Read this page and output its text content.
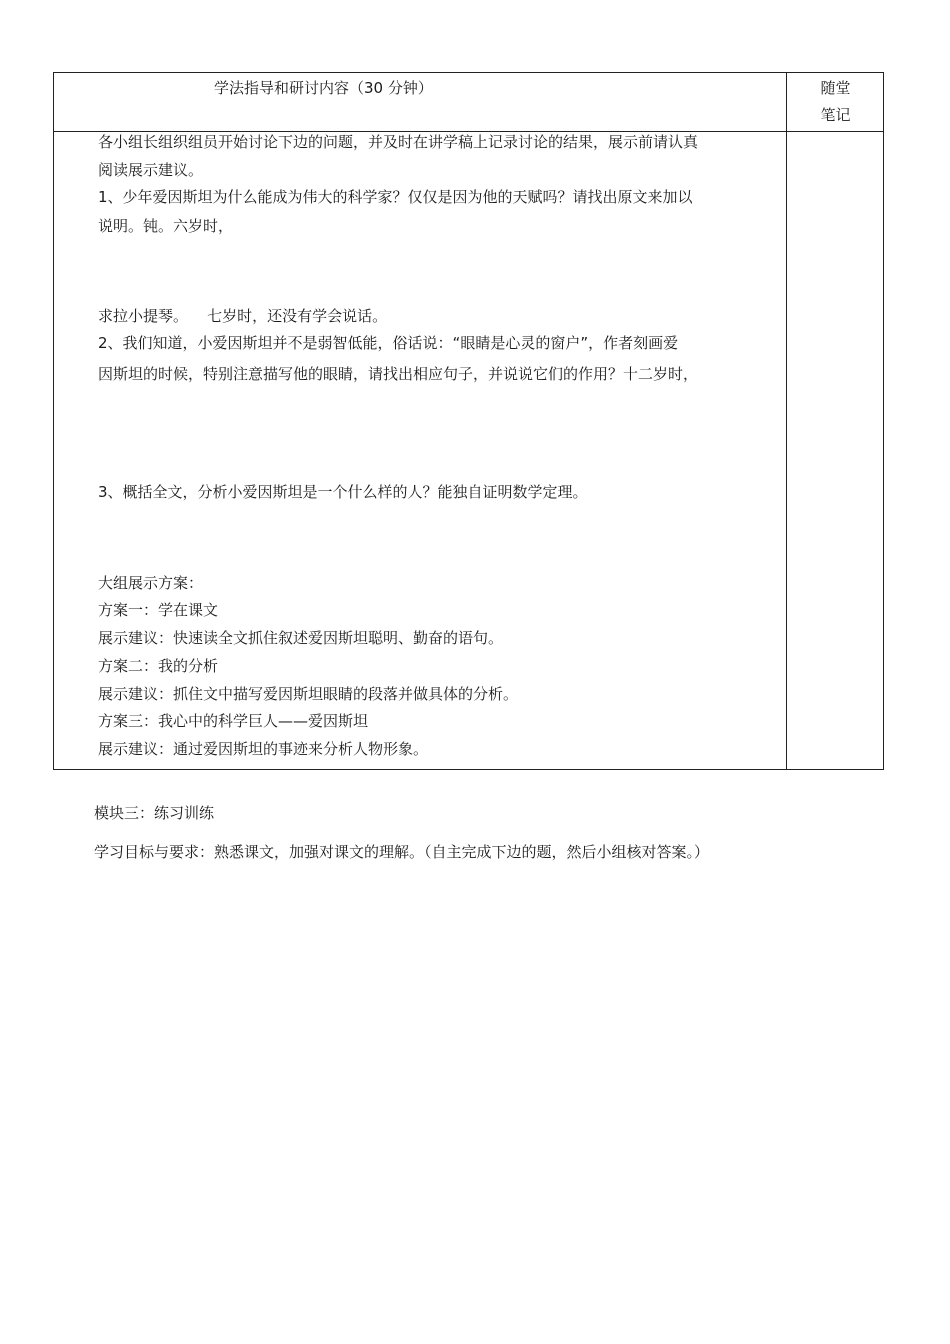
学法指导和研讨内容（30 分钟）	随堂
笔记
各小组长组织组员开始讨论下边的问题，并及时在讲学稿上记录讨论的结果，展示前请认真
阅读展示建议。
1、少年爱因斯坦为什么能成为伟大的科学家？仅仅是因为他的天赋吗？请找出原文来加以
说明。钝。六岁时，
求拉小提琴。    七岁时，还没有学会说话。
2、我们知道，小爱因斯坦并不是弱智低能，俗话说：“眼睛是心灵的窗户”，作者刻画爱
因斯坦的时候，特别注意描写他的眼睛，请找出相应句子，并说说它们的作用？十二岁时，
3、概括全文，分析小爱因斯坦是一个什么样的人？能独自证明数学定理。
大组展示方案：
方案一：学在课文
展示建议：快速读全文抓住叙述爱因斯坦聪明、勤奋的语句。
方案二：我的分析
展示建议：抓住文中描写爱因斯坦眼睛的段落并做具体的分析。
方案三：我心中的科学巨人——爱因斯坦
展示建议：通过爱因斯坦的事迹来分析人物形象。
模块三：练习训练
学习目标与要求：熟悉课文，加强对课文的理解。（自主完成下边的题，然后小组核对答案。）
